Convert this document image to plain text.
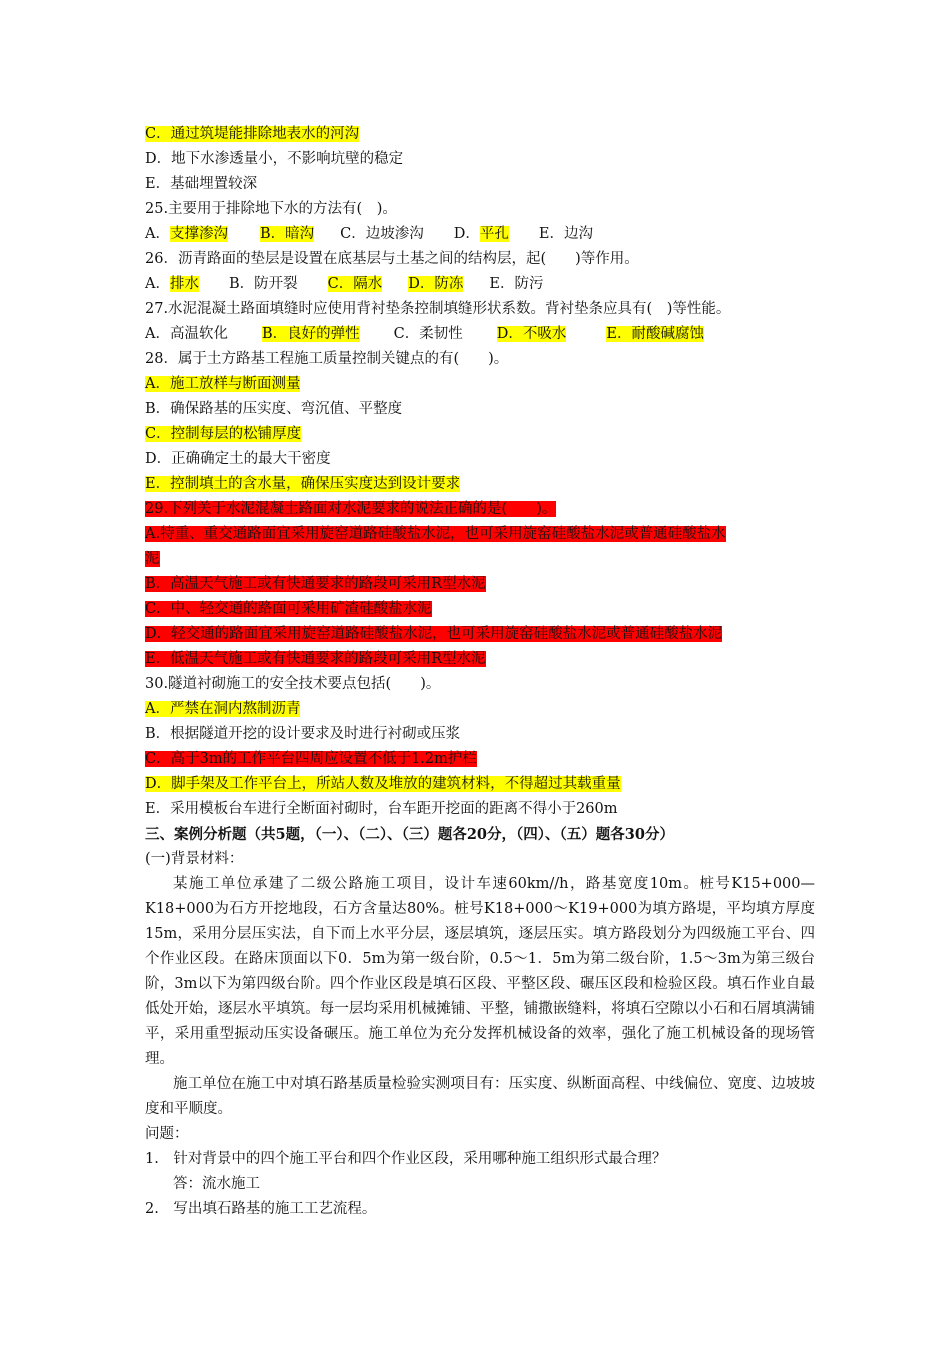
C．通过筑堤能排除地表水的河沟
D．地下水渗透量小，不影响坑壁的稳定
E．基础埋置较深
25.主要用于排除地下水的方法有(　)。
A．支撑渗沟 B．暗沟 C．边坡渗沟 D．平孔 E．边沟
26．沥青路面的垫层是设置在底基层与土基之间的结构层，起(　　)等作用。
A．排水 B．防开裂 C．隔水 D．防冻 E．防污
27.水泥混凝土路面填缝时应使用背衬垫条控制填缝形状系数。背衬垫条应具有(　)等性能。
A．高温软化 B．良好的弹性 C．柔韧性 D．不吸水	E．耐酸碱腐蚀
28．属于土方路基工程施工质量控制关键点的有(　　)。
A．施工放样与断面测量
B．确保路基的压实度、弯沉值、平整度
C．控制每层的松铺厚度
D．正确确定土的最大干密度
E．控制填土的含水量，确保压实度达到设计要求
29.下列关于水泥混凝土路面对水泥要求的说法正确的是(　　)。
A.特重、重交通路面宜采用旋窑道路硅酸盐水泥，也可采用旋窑硅酸盐水泥或普通硅酸盐水
泥
B．高温天气施工或有快通要求的路段可采用R型水泥
C．中、轻交通的路面可采用矿渣硅酸盐水泥
D．轻交通的路面宜采用旋窑道路硅酸盐水泥，也可采用旋窑硅酸盐水泥或普通硅酸盐水泥
E．低温天气施工或有快通要求的路段可采用R型水泥
30.隧道衬砌施工的安全技术要点包括(　　)。
A．严禁在洞内熬制沥青
B．根据隧道开挖的设计要求及时进行衬砌或压浆
C．高于3m的工作平台四周应设置不低于1.2m护栏
D．脚手架及工作平台上，所站人数及堆放的建筑材料，不得超过其载重量
E．采用模板台车进行全断面衬砌时，台车距开挖面的距离不得小于260m
三、案例分析题（共5题，（一）、（二）、（三）题各20分，（四）、（五）题各30分）
(一)背景材料：
某施工单位承建了二级公路施工项目，设计车速60km//h，路基宽度10m。桩号K15+000—K18+000为石方开挖地段，石方含量达80%。桩号K18+000～K19+000为填方路堤，平均填方厚度15m，采用分层压实法，自下而上水平分层，逐层填筑，逐层压实。填方路段划分为四级施工平台、四个作业区段。在路床顶面以下0．5m为第一级台阶，0.5～1．5m为第二级台阶，1.5～3m为第三级台阶，3m以下为第四级台阶。四个作业区段是填石区段、平整区段、碾压区段和检验区段。填石作业自最低处开始，逐层水平填筑。每一层均采用机械摊铺、平整，铺撒嵌缝料，将填石空隙以小石和石屑填满铺平，采用重型振动压实设备碾压。施工单位为充分发挥机械设备的效率，强化了施工机械设备的现场管理。
施工单位在施工中对填石路基质量检验实测项目有：压实度、纵断面高程、中线偏位、宽度、边坡坡度和平顺度。
问题：
1.　针对背景中的四个施工平台和四个作业区段，采用哪种施工组织形式最合理？
答：流水施工
2.　写出填石路基的施工工艺流程。
